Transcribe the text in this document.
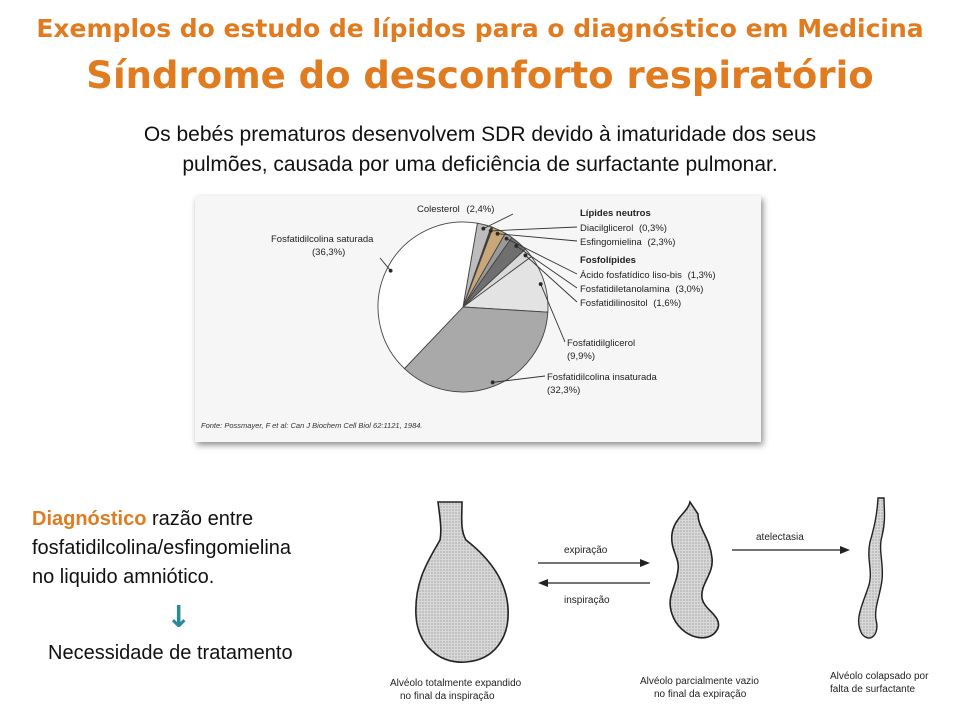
Exemplos do estudo de lípidos para o diagnóstico em Medicina
Síndrome do desconforto respiratório
Os bebés prematuros desenvolvem SDR devido à imaturidade dos seus
pulmões, causada por uma deficiência de surfactante pulmonar.
Colesterol (2,4%)
Fosfatidilcolina saturada
(36,3%)
Lípides neutros
Diacilglicerol (0,3%)
Esfingomielina (2,3%)
Fosfolípides
Ácido fosfatídico liso-bis (1,3%)
Fosfatidiletanolamina (3,0%)
Fosfatidilinositol (1,6%)
Fosfatidilglicerol
(9,9%)
Fosfatidilcolina insaturada
(32,3%)
Fonte: Possmayer, F et al: Can J Biochem Cell Biol 62:1121, 1984.
Diagnóstico razão entre
fosfatidilcolina/esfingomielina
no liquido amniótico.
↓
Necessidade de tratamento
expiração
inspiração
atelectasia
Alvéolo totalmente expandido
no final da inspiração
Alvéolo parcialmente vazio
no final da expiração
Alvéolo colapsado por
falta de surfactante
